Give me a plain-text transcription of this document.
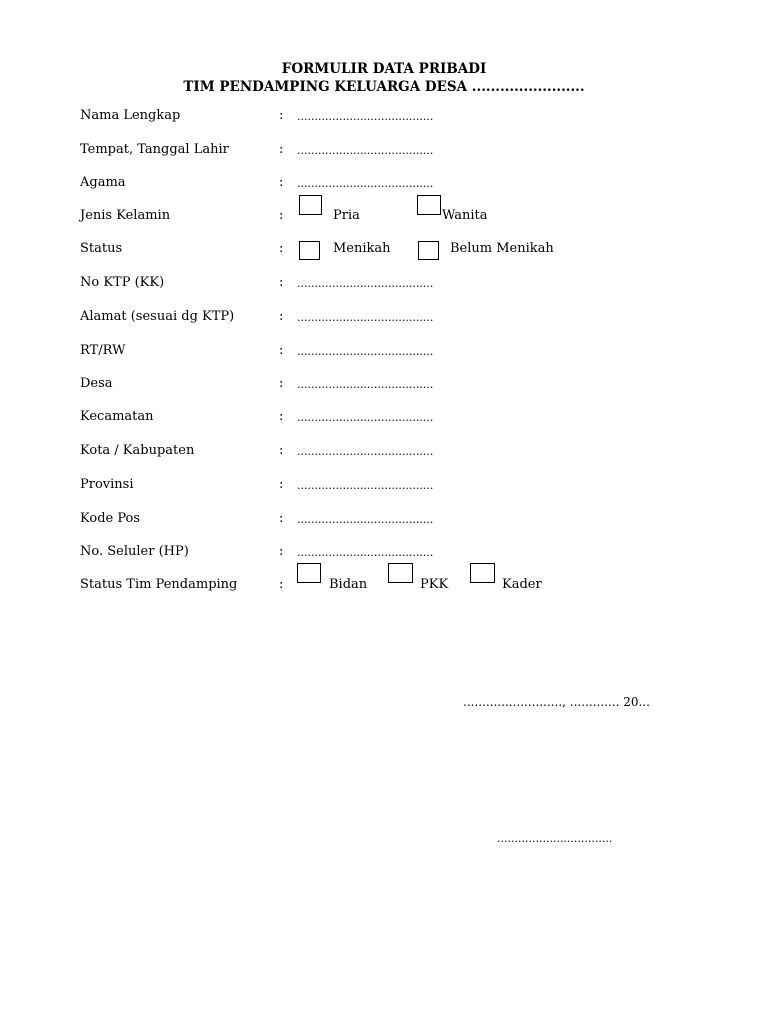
FORMULIR DATA PRIBADI
TIM PENDAMPING KELUARGA DESA ........................
Nama Lengkap	: .......................................
Tempat, Tanggal Lahir	: .......................................
Agama	: .......................................
Jenis Kelamin	:	Pria	Wanita
Status	:	Menikah	Belum Menikah
No KTP (KK)	: .......................................
Alamat (sesuai dg KTP)	: .......................................
RT/RW	: .......................................
Desa	: .......................................
Kecamatan	: .......................................
Kota / Kabupaten	: .......................................
Provinsi	: .......................................
Kode Pos	: .......................................
No. Seluler (HP)	: .......................................
Status Tim Pendamping	:	Bidan	PKK	Kader
.........................., ............. 20...
.................................
